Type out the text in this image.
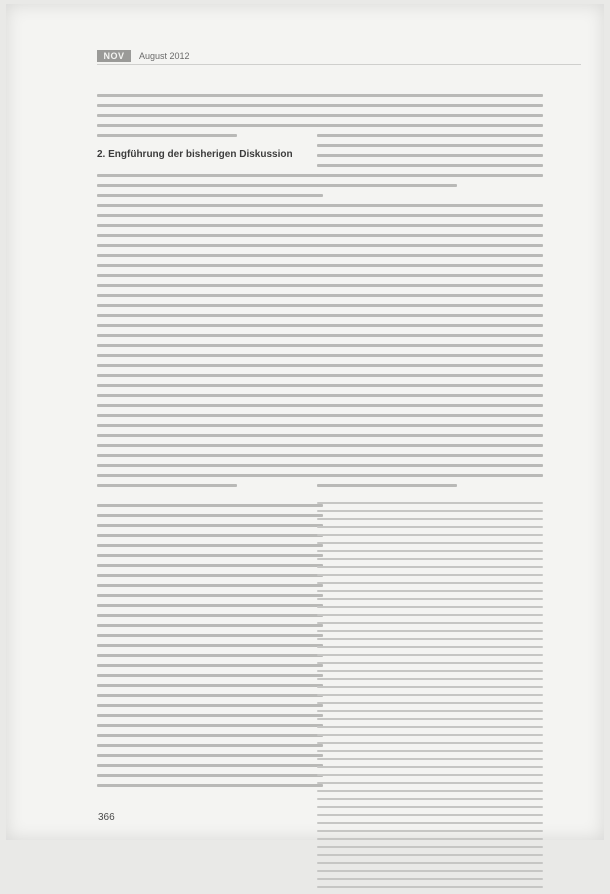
NOV	August 2012
2. Engführung der bisherigen Diskussion
366
